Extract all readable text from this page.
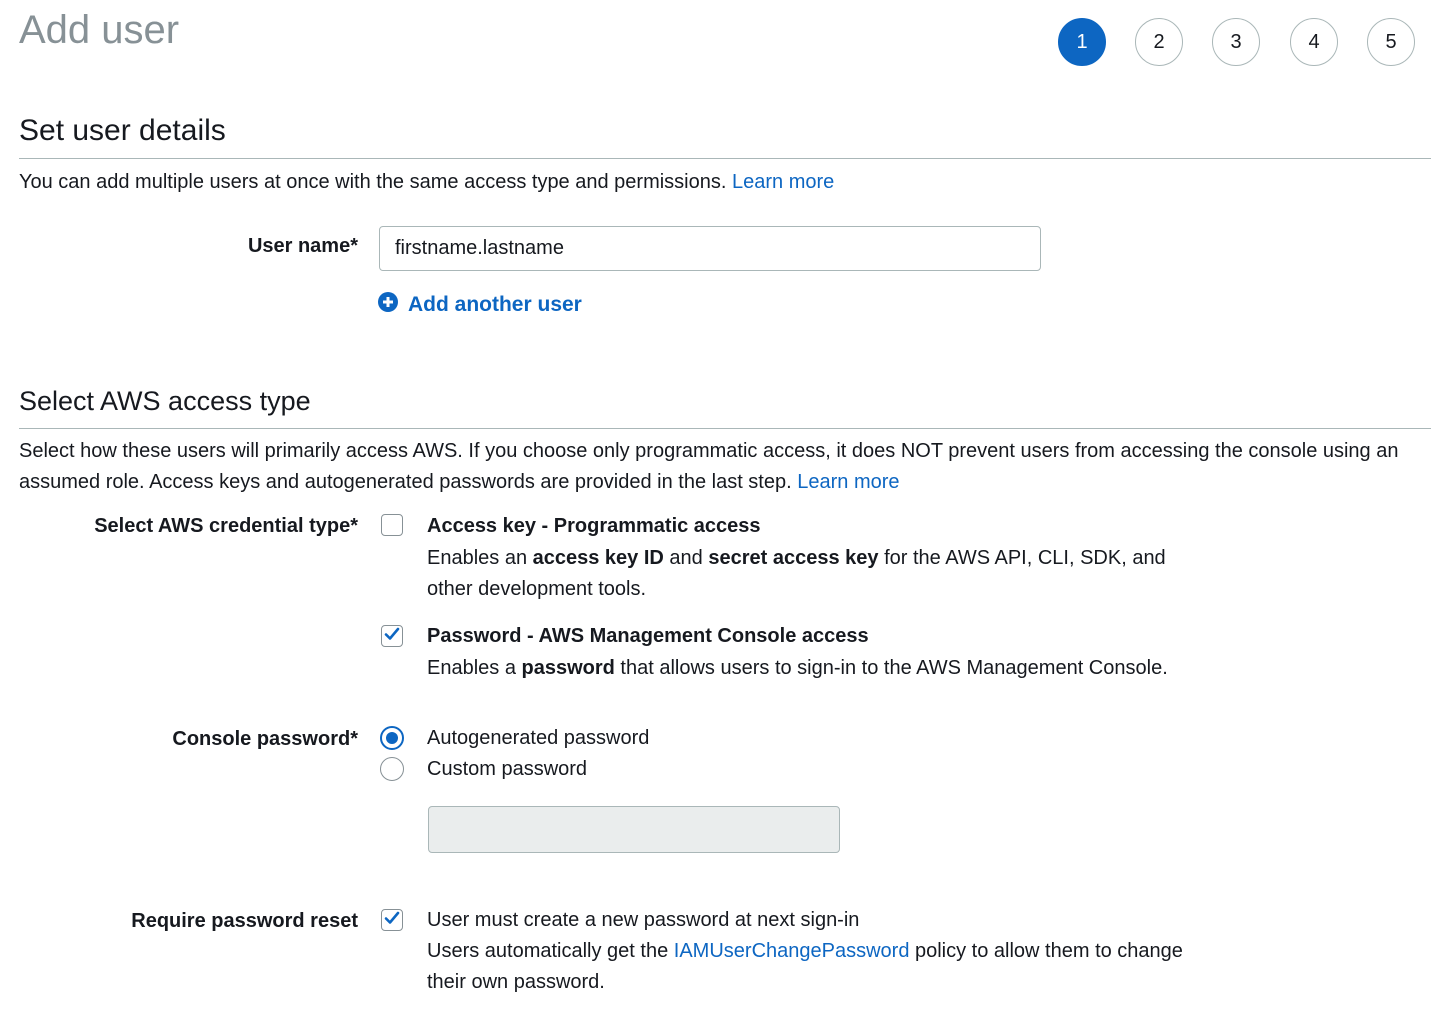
Add user	1	2	3	4	5
Set user details
You can add multiple users at once with the same access type and permissions. Learn more
User name*
firstname.lastname
Add another user
Select AWS access type
Select how these users will primarily access AWS. If you choose only programmatic access, it does NOT prevent users from accessing the console using an assumed role. Access keys and autogenerated passwords are provided in the last step. Learn more
Select AWS credential type*	Access key - Programmatic access
Enables an access key ID and secret access key for the AWS API, CLI, SDK, and
other development tools.
Password - AWS Management Console access
Enables a password that allows users to sign-in to the AWS Management Console.
Console password*	Autogenerated password
Custom password
Require password reset	User must create a new password at next sign-in
Users automatically get the IAMUserChangePassword policy to allow them to change
their own password.
